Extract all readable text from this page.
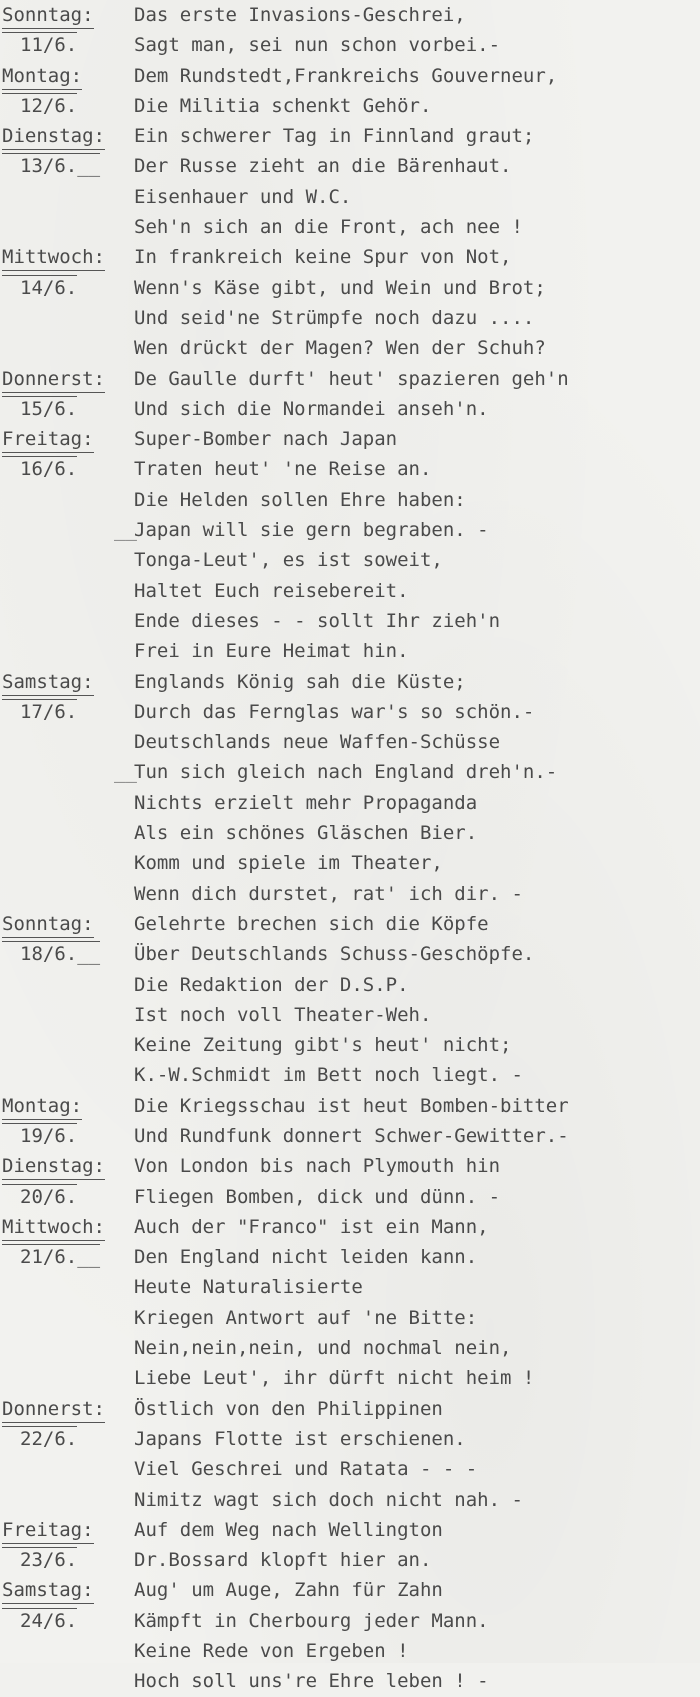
Sonntag:	Das erste Invasions-Geschrei,
11/6.	Sagt man, sei nun schon vorbei.-
Montag:	Dem Rundstedt,Frankreichs Gouverneur,
12/6.	Die Militia schenkt Gehör.
Dienstag:	Ein schwerer Tag in Finnland graut;
13/6.__	Der Russe zieht an die Bärenhaut.
Eisenhauer und W.C.
Seh'n sich an die Front, ach nee !
Mittwoch:	In frankreich keine Spur von Not,
14/6.	Wenn's Käse gibt, und Wein und Brot;
Und seid'ne Strümpfe noch dazu ....
Wen drückt der Magen? Wen der Schuh?
Donnerst:	De Gaulle durft' heut' spazieren geh'n
15/6.	Und sich die Normandei anseh'n.
Freitag:	Super-Bomber nach Japan
16/6.	Traten heut' 'ne Reise an.
Die Helden sollen Ehre haben:
__
Japan will sie gern begraben. -
Tonga-Leut', es ist soweit,
Haltet Euch reisebereit.
Ende dieses - - sollt Ihr zieh'n
Frei in Eure Heimat hin.
Samstag:	Englands König sah die Küste;
17/6.	Durch das Fernglas war's so schön.-
Deutschlands neue Waffen-Schüsse
__
Tun sich gleich nach England dreh'n.-
Nichts erzielt mehr Propaganda
Als ein schönes Gläschen Bier.
Komm und spiele im Theater,
Wenn dich durstet, rat' ich dir. -
Sonntag:	Gelehrte brechen sich die Köpfe
18/6.__	Über Deutschlands Schuss-Geschöpfe.
Die Redaktion der D.S.P.
Ist noch voll Theater-Weh.
Keine Zeitung gibt's heut' nicht;
K.-W.Schmidt im Bett noch liegt. -
Montag:	Die Kriegsschau ist heut Bomben-bitter
19/6.	Und Rundfunk donnert Schwer-Gewitter.-
Dienstag:	Von London bis nach Plymouth hin
20/6.	Fliegen Bomben, dick und dünn. -
Mittwoch:	Auch der "Franco" ist ein Mann,
21/6.__	Den England nicht leiden kann.
Heute Naturalisierte
Kriegen Antwort auf 'ne Bitte:
Nein,nein,nein, und nochmal nein,
Liebe Leut', ihr dürft nicht heim !
Donnerst:	Östlich von den Philippinen
22/6.	Japans Flotte ist erschienen.
Viel Geschrei und Ratata - - -
Nimitz wagt sich doch nicht nah. -
Freitag:	Auf dem Weg nach Wellington
23/6.	Dr.Bossard klopft hier an.
Samstag:	Aug' um Auge, Zahn für Zahn
24/6.	Kämpft in Cherbourg jeder Mann.
Keine Rede von Ergeben !
Hoch soll uns're Ehre leben ! -
